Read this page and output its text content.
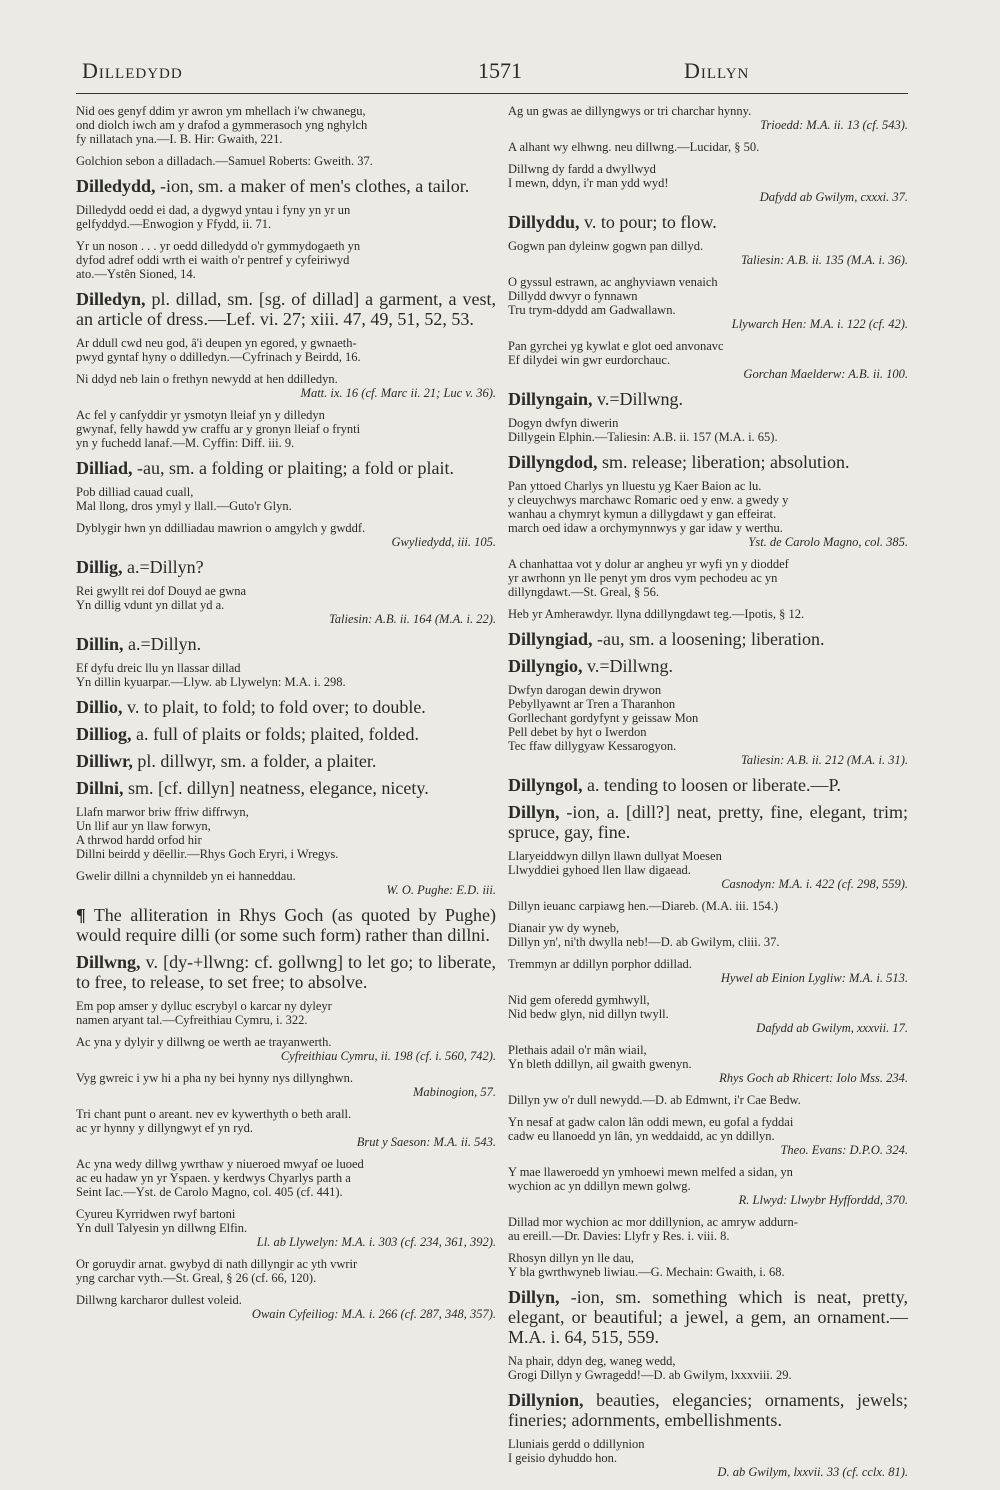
Dilledydd	1571	Dillyn
Nid oes genyf ddim yr awron ym mhellach i'w chwanegu,
ond diolch iwch am y drafod a gymmerasoch yng nghylch
fy nillatach yna.—I. B. Hir: Gwaith, 221.
Golchion sebon a dilladach.—Samuel Roberts: Gweith. 37.
Dilledydd, -ion, sm. a maker of men's clothes, a tailor.
Dilledydd oedd ei dad, a dygwyd yntau i fyny yn yr un
gelfyddyd.—Enwogion y Ffydd, ii. 71.
Yr un noson . . . yr oedd dilledydd o'r gymmydogaeth yn
dyfod adref oddi wrth ei waith o'r pentref y cyfeiriwyd
ato.—Ystên Sioned, 14.
Dilledyn, pl. dillad, sm. [sg. of dillad] a garment, a vest, an article of dress.—Lef. vi. 27; xiii. 47, 49, 51, 52, 53.
Ar ddull cwd neu god, â'i deupen yn egored, y gwnaeth-
pwyd gyntaf hyny o ddilledyn.—Cyfrinach y Beirdd, 16.
Ni ddyd neb lain o frethyn newydd at hen ddilledyn.
Matt. ix. 16 (cf. Marc ii. 21; Luc v. 36).
Ac fel y canfyddir yr ysmotyn lleiaf yn y dilledyn
gwynaf, felly hawdd yw craffu ar y gronyn lleiaf o frynti
yn y fuchedd lanaf.—M. Cyffin: Diff. iii. 9.
Dilliad, -au, sm. a folding or plaiting; a fold or plait.
Pob dilliad cauad cuall,
Mal llong, dros ymyl y llall.—Guto'r Glyn.
Dyblygir hwn yn ddilliadau mawrion o amgylch y gwddf.
Gwyliedydd, iii. 105.
Dillig, a.=Dillyn?
Rei gwyllt rei dof Douyd ae gwna
Yn dillig vdunt yn dillat yd a.
Taliesin: A.B. ii. 164 (M.A. i. 22).
Dillin, a.=Dillyn.
Ef dyfu dreic llu yn llassar dillad
Yn dillin kyuarpar.—Llyw. ab Llywelyn: M.A. i. 298.
Dillio, v. to plait, to fold; to fold over; to double.
Dilliog, a. full of plaits or folds; plaited, folded.
Dilliwr, pl. dillwyr, sm. a folder, a plaiter.
Dillni, sm. [cf. dillyn] neatness, elegance, nicety.
Llafn marwor briw ffriw diffrwyn,
Un llif aur yn llaw forwyn,
A thrwod hardd orfod hir
Dillni beirdd y dëellir.—Rhys Goch Eryri, i Wregys.
Gwelir dillni a chynnildeb yn ei hanneddau.
W. O. Pughe: E.D. iii.
¶ The alliteration in Rhys Goch (as quoted by Pughe) would require dilli (or some such form) rather than dillni.
Dillwng, v. [dy-+llwng: cf. gollwng] to let go; to liberate, to free, to release, to set free; to absolve.
Em pop amser y dylluc escrybyl o karcar ny dyleyr
namen aryant tal.—Cyfreithiau Cymru, i. 322.
Ac yna y dylyir y dillwng oe werth ae trayanwerth.
Cyfreithiau Cymru, ii. 198 (cf. i. 560, 742).
Vyg gwreic i yw hi a pha ny bei hynny nys dillynghwn.
Mabinogion, 57.
Tri chant punt o areant. nev ev kywerthyth o beth arall.
ac yr hynny y dillyngwyt ef yn ryd.
Brut y Saeson: M.A. ii. 543.
Ac yna wedy dillwg ywrthaw y niueroed mwyaf oe luoed
ac eu hadaw yn yr Yspaen. y kerdwys Chyarlys parth a
Seint Iac.—Yst. de Carolo Magno, col. 405 (cf. 441).
Cyureu Kyrridwen rwyf bartoni
Yn dull Talyesin yn dillwng Elfin.
Ll. ab Llywelyn: M.A. i. 303 (cf. 234, 361, 392).
Or goruydir arnat. gwybyd di nath dillyngir ac yth vwrir
yng carchar vyth.—St. Greal, § 26 (cf. 66, 120).
Dillwng karcharor dullest voleid.
Owain Cyfeiliog: M.A. i. 266 (cf. 287, 348, 357).
Ag un gwas ae dillyngwys or tri charchar hynny.
Trioedd: M.A. ii. 13 (cf. 543).
A alhant wy elhwng. neu dillwng.—Lucidar, § 50.
Dillwng dy fardd a dwyllwyd
I mewn, ddyn, i'r man ydd wyd!
Dafydd ab Gwilym, cxxxi. 37.
Dillyddu, v. to pour; to flow.
Gogwn pan dyleinw gogwn pan dillyd.
Taliesin: A.B. ii. 135 (M.A. i. 36).
O gyssul estrawn, ac anghyviawn venaich
Dillydd dwvyr o fynnawn
Tru trym-ddydd am Gadwallawn.
Llywarch Hen: M.A. i. 122 (cf. 42).
Pan gyrchei yg kywlat e glot oed anvonavc
Ef dilydei win gwr eurdorchauc.
Gorchan Maelderw: A.B. ii. 100.
Dillyngain, v.=Dillwng.
Dogyn dwfyn diwerin
Dillygein Elphin.—Taliesin: A.B. ii. 157 (M.A. i. 65).
Dillyngdod, sm. release; liberation; absolution.
Pan yttoed Charlys yn lluestu yg Kaer Baion ac lu.
y cleuychwys marchawc Romaric oed y enw. a gwedy y
wanhau a chymryt kymun a dillygdawt y gan effeirat.
march oed idaw a orchymynnwys y gar idaw y werthu.
Yst. de Carolo Magno, col. 385.
A chanhattaa vot y dolur ar angheu yr wyfi yn y dioddef
yr awrhonn yn lle penyt ym dros vym pechodeu ac yn
dillyngdawt.—St. Greal, § 56.
Heb yr Amherawdyr. llyna ddillyngdawt teg.—Ipotis, § 12.
Dillyngiad, -au, sm. a loosening; liberation.
Dillyngio, v.=Dillwng.
Dwfyn darogan dewin drywon
Pebyllyawnt ar Tren a Tharanhon
Gorllechant gordyfynt y geissaw Mon
Pell debet by hyt o Iwerdon
Tec ffaw dillygyaw Kessarogyon.
Taliesin: A.B. ii. 212 (M.A. i. 31).
Dillyngol, a. tending to loosen or liberate.—P.
Dillyn, -ion, a. [dill?] neat, pretty, fine, elegant, trim; spruce, gay, fine.
Llaryeiddwyn dillyn llawn dullyat Moesen
Llwyddiei gyhoed llen llaw digaead.
Casnodyn: M.A. i. 422 (cf. 298, 559).
Dillyn ieuanc carpiawg hen.—Diareb. (M.A. iii. 154.)
Dianair yw dy wyneb,
Dillyn yn', ni'th dwylla neb!—D. ab Gwilym, cliii. 37.
Tremmyn ar ddillyn porphor ddillad.
Hywel ab Einion Lygliw: M.A. i. 513.
Nid gem oferedd gymhwyll,
Nid bedw glyn, nid dillyn twyll.
Dafydd ab Gwilym, xxxvii. 17.
Plethais adail o'r mân wiail,
Yn bleth ddillyn, ail gwaith gwenyn.
Rhys Goch ab Rhicert: Iolo Mss. 234.
Dillyn yw o'r dull newydd.—D. ab Edmwnt, i'r Cae Bedw.
Yn nesaf at gadw calon lân oddi mewn, eu gofal a fyddai
cadw eu llanoedd yn lân, yn weddaidd, ac yn ddillyn.
Theo. Evans: D.P.O. 324.
Y mae llaweroedd yn ymhoewi mewn melfed a sidan, yn
wychion ac yn ddillyn mewn golwg.
R. Llwyd: Llwybr Hyfforddd, 370.
Dillad mor wychion ac mor ddillynion, ac amryw addurn-
au ereill.—Dr. Davies: Llyfr y Res. i. viii. 8.
Rhosyn dillyn yn lle dau,
Y bla gwrthwyneb liwiau.—G. Mechain: Gwaith, i. 68.
Dillyn, -ion, sm. something which is neat, pretty, elegant, or beautiful; a jewel, a gem, an ornament.—M.A. i. 64, 515, 559.
Na phair, ddyn deg, waneg wedd,
Grogi Dillyn y Gwragedd!—D. ab Gwilym, lxxxviii. 29.
Dillynion, beauties, elegancies; ornaments, jewels; fineries; adornments, embellishments.
Lluniais gerdd o ddillynion
I geisio dyhuddo hon.
D. ab Gwilym, lxxvii. 33 (cf. cclx. 81).
